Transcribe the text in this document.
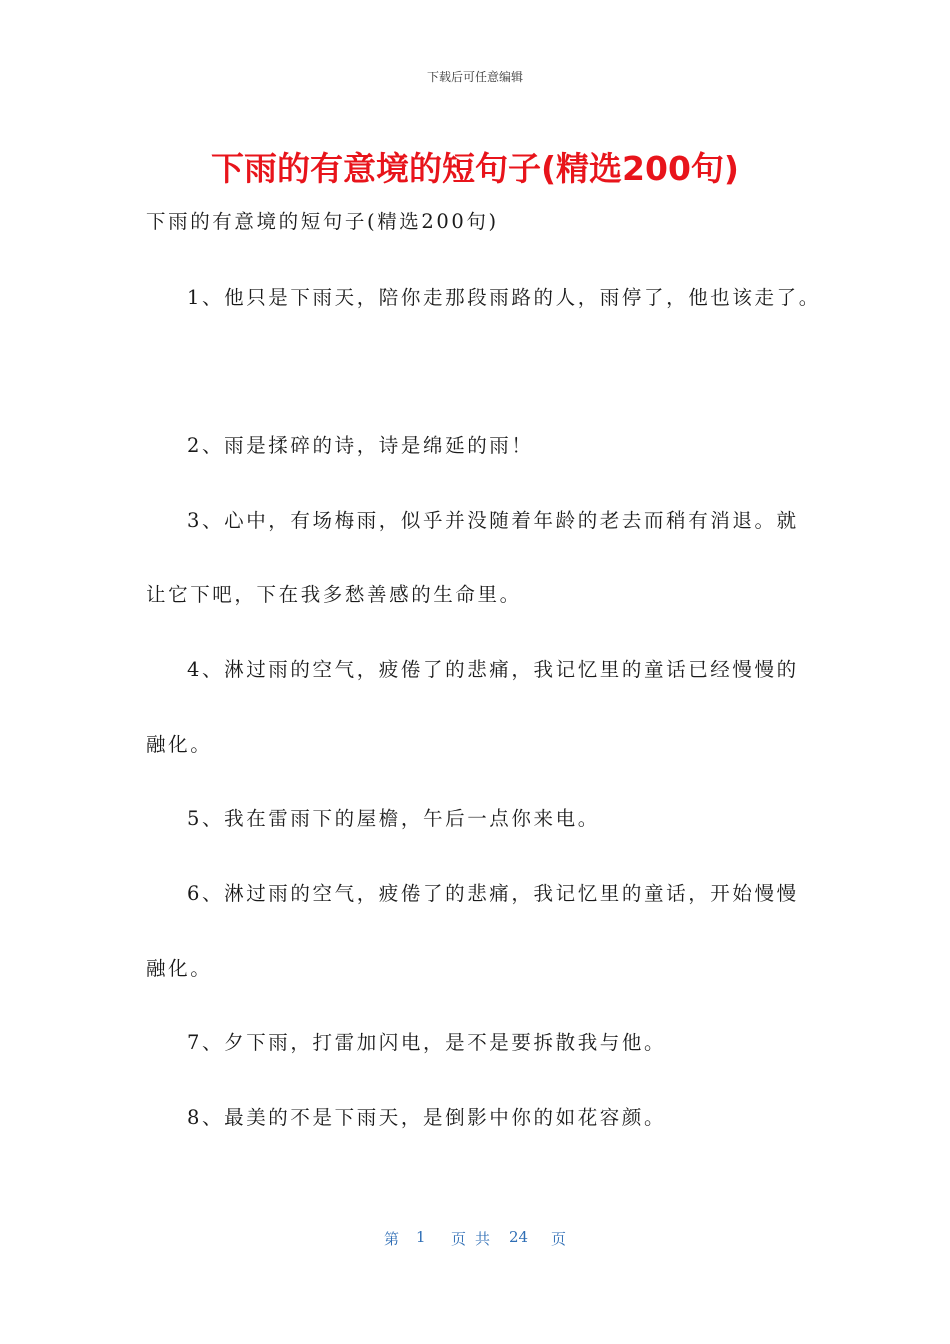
下载后可任意编辑
下雨的有意境的短句子(精选200句)
下雨的有意境的短句子(精选200句)
1、他只是下雨天，陪你走那段雨路的人，雨停了，他也该走了。
2、雨是揉碎的诗，诗是绵延的雨！
3、心中，有场梅雨，似乎并没随着年龄的老去而稍有消退。就
让它下吧，下在我多愁善感的生命里。
4、淋过雨的空气，疲倦了的悲痛，我记忆里的童话已经慢慢的
融化。
5、我在雷雨下的屋檐，午后一点你来电。
6、淋过雨的空气，疲倦了的悲痛，我记忆里的童话，开始慢慢
融化。
7、夕下雨，打雷加闪电，是不是要拆散我与他。
8、最美的不是下雨天，是倒影中你的如花容颜。
第 1 页共 24 页
